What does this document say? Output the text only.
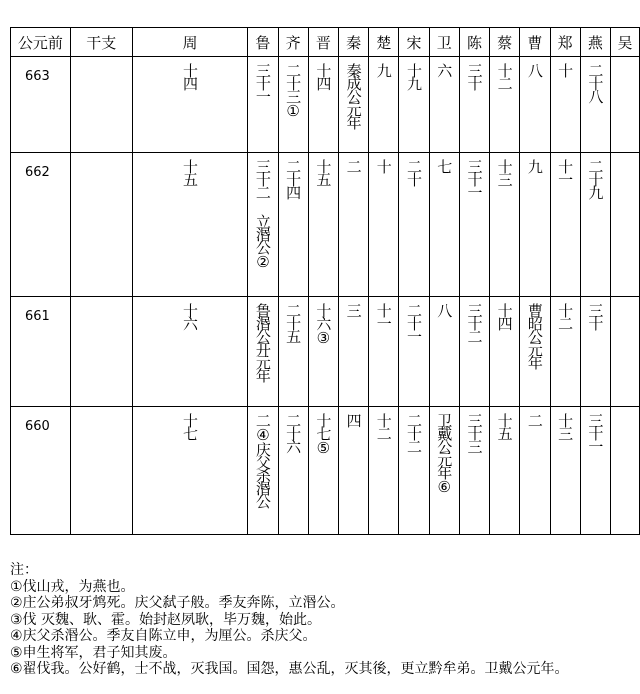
公元前	干支	周	鲁	齐	晋	秦	楚	宋	卫	陈	蔡	曹	郑	燕	吴
663		十四	三十一	二十三①	十四	秦成公元年	九	十九	六	三十	十二	八	十	二十八	
662		十五	三十二 立湣公②	二十四	十五	二	十	二十	七	三十一	十三	九	十一	二十九	
661		十六	鲁湣公开元年	二十五	十六③	三	十一	二十一	八	三十二	十四	曹昭公元年	十二	三十	
660		十七	二④庆父杀湣公	二十六	十七⑤	四	十二	二十二	卫戴公元年⑥	三十三	十五	二	十三	三十一	
注：
①伐山戎，为燕也。
②庄公弟叔牙鸩死。庆父弑子般。季友奔陈，立湣公。
③伐 灭魏、耿、霍。始封赵夙耿，毕万魏，始此。
④庆父杀湣公。季友自陈立申，为厘公。杀庆父。
⑤申生将军，君子知其废。
⑥翟伐我。公好鹤，士不战，灭我国。国怨，惠公乱，灭其後，更立黔牟弟。卫戴公元年。
